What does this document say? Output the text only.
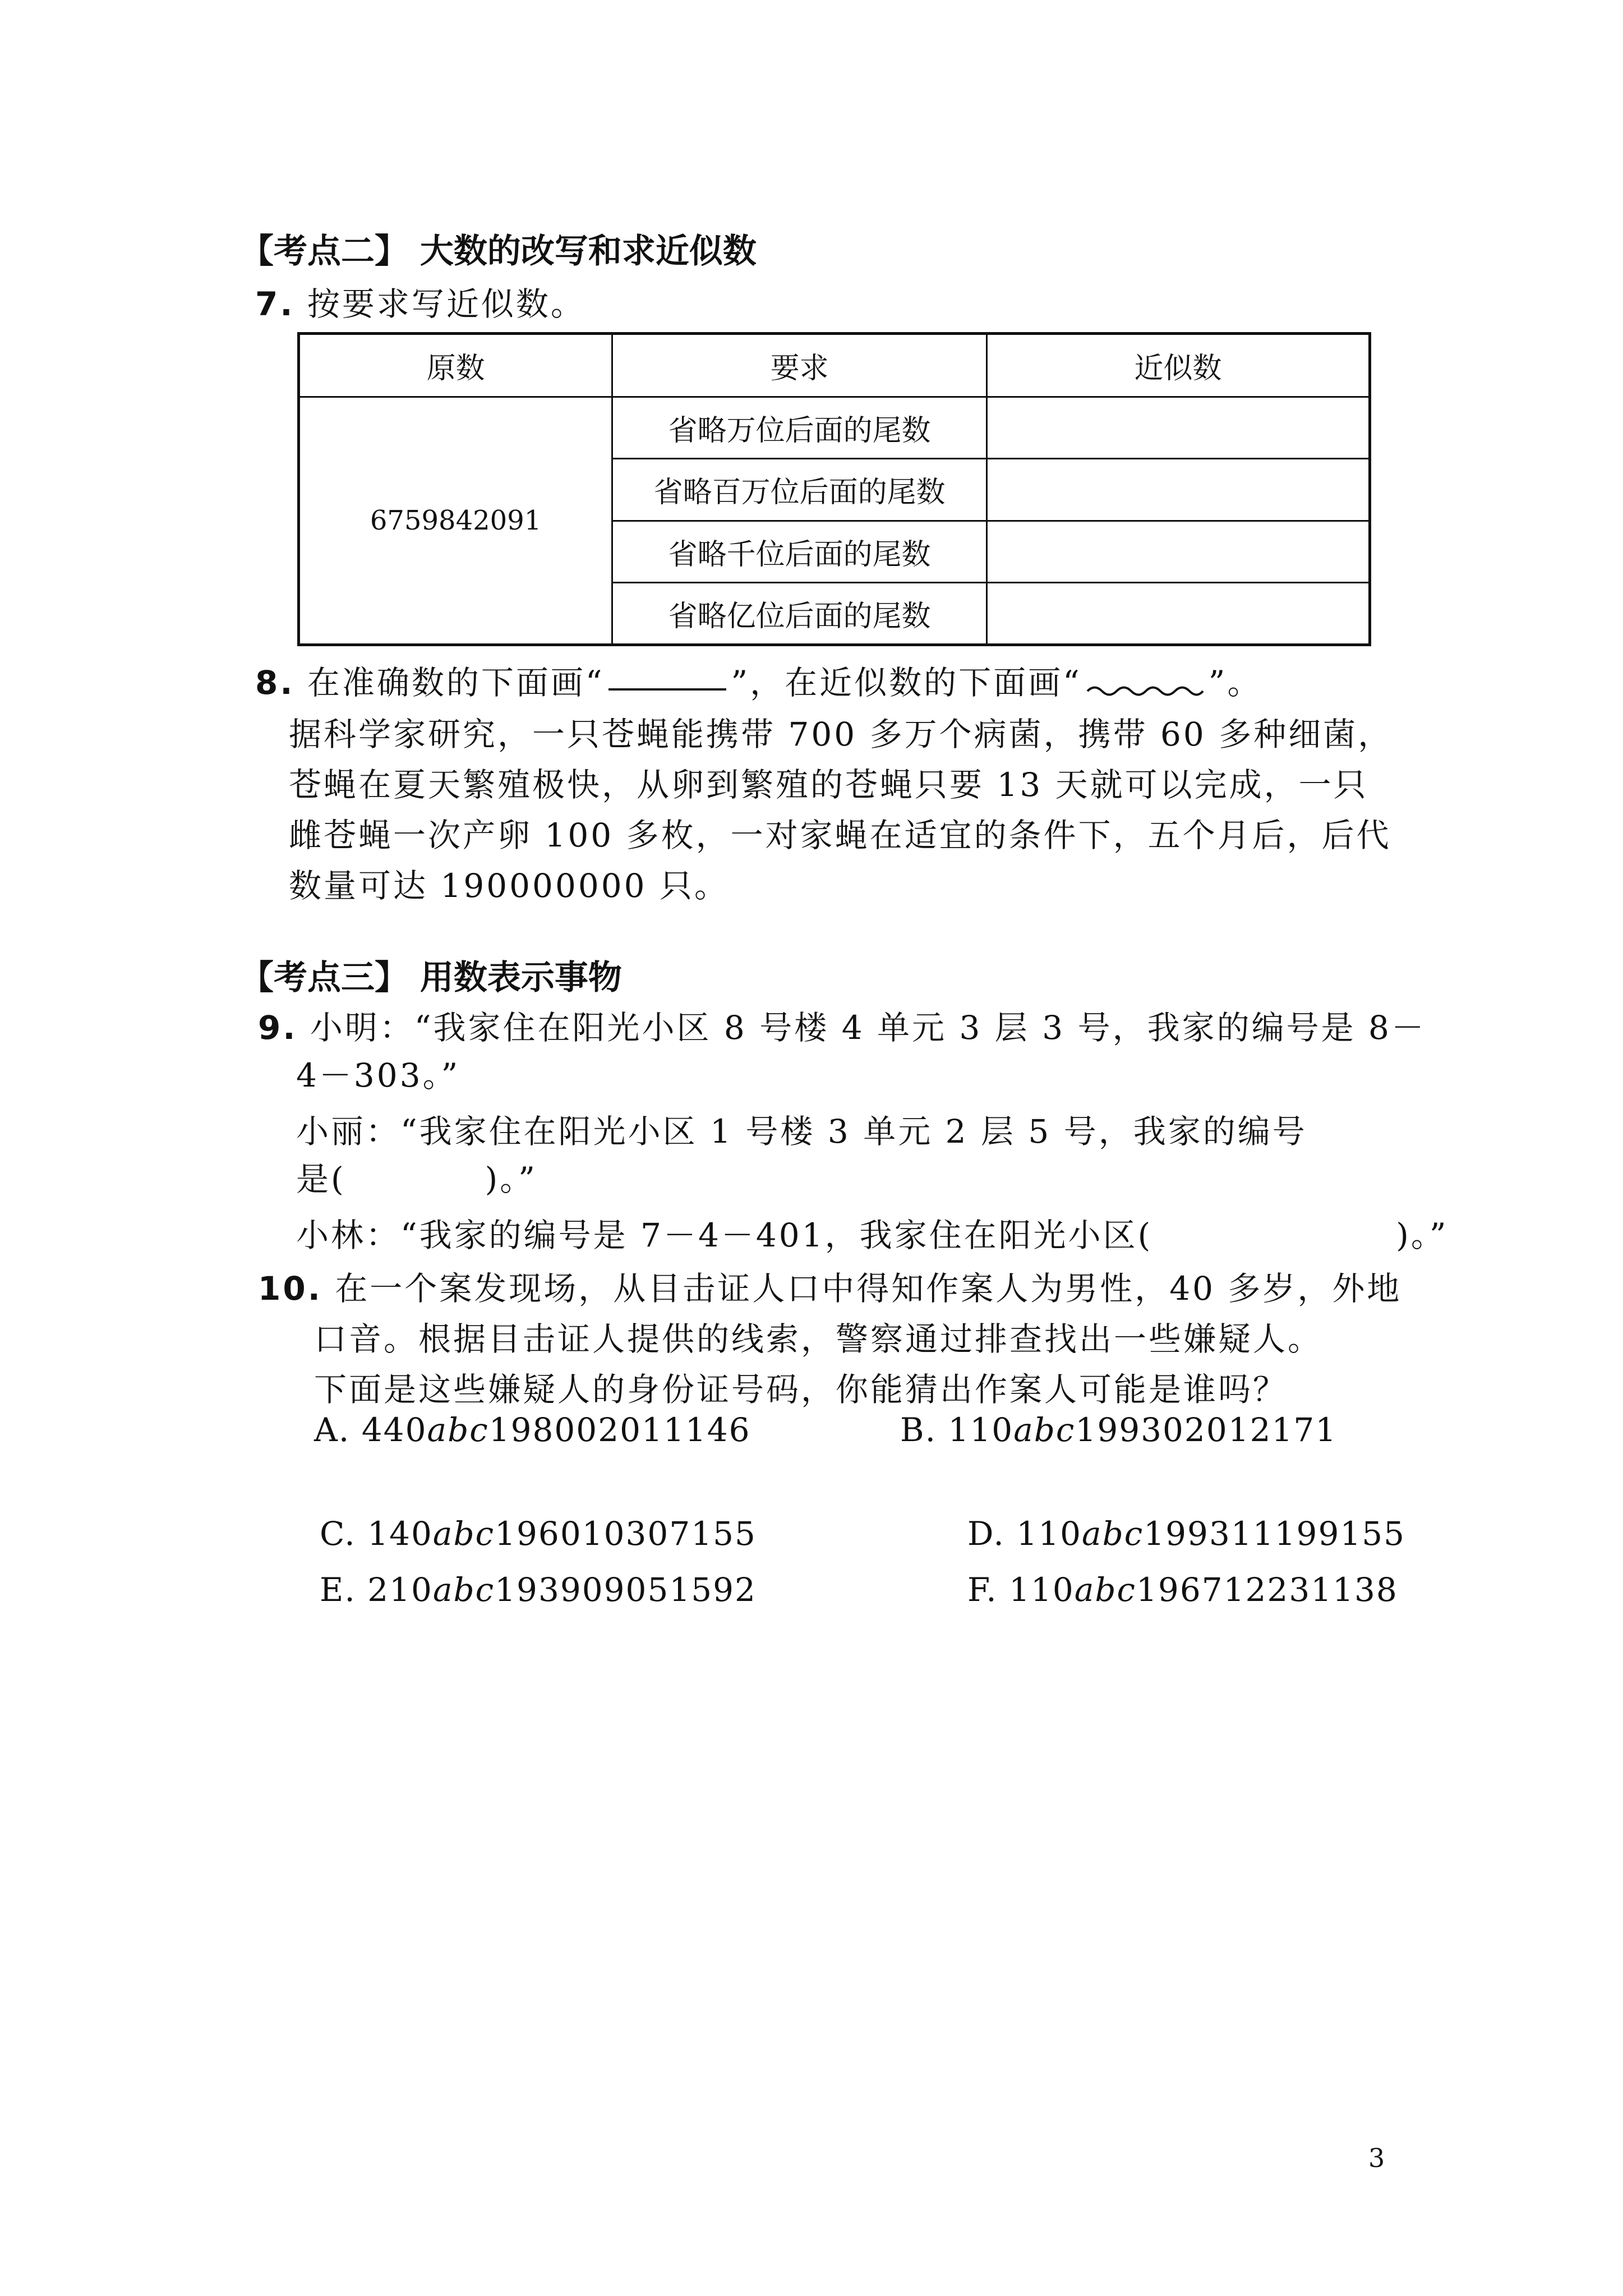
【考点二】 大数的改写和求近似数
7. 按要求写近似数。
原数	要求	近似数
6759842091	省略万位后面的尾数	
	省略百万位后面的尾数	
	省略千位后面的尾数	
	省略亿位后面的尾数	
8. 在准确数的下面画“	”，在近似数的下面画“	”。
据科学家研究，一只苍蝇能携带 700 多万个病菌，携带 60 多种细菌，
苍蝇在夏天繁殖极快，从卵到繁殖的苍蝇只要 13 天就可以完成，一只
雌苍蝇一次产卵 100 多枚，一对家蝇在适宜的条件下，五个月后，后代
数量可达 190000000 只。
【考点三】 用数表示事物
9. 小明：“我家住在阳光小区 8 号楼 4 单元 3 层 3 号，我家的编号是 8－
4－303。”
小丽：“我家住在阳光小区 1 号楼 3 单元 2 层 5 号，我家的编号
是(　　　　)。”
小林：“我家的编号是 7－4－401，我家住在阳光小区(　　　　　　　)。”
10. 在一个案发现场，从目击证人口中得知作案人为男性，40 多岁，外地
口音。根据目击证人提供的线索，警察通过排查找出一些嫌疑人。
下面是这些嫌疑人的身份证号码，你能猜出作案人可能是谁吗？
A. 440abc198002011146	B. 110abc199302012171
C. 140abc196010307155	D. 110abc199311199155
E. 210abc193909051592	F. 110abc196712231138
3
